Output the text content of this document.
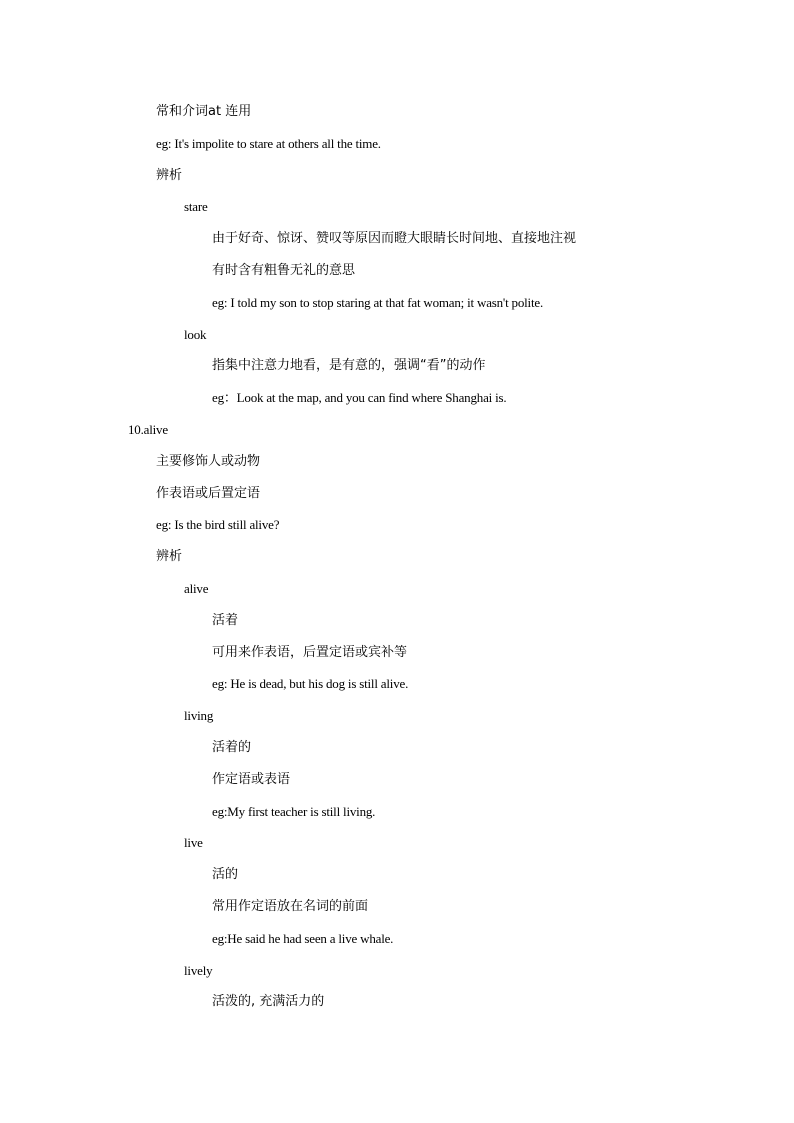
常和介词at 连用
eg: It's impolite to stare at others all the time.
辨析
stare
由于好奇、惊讶、赞叹等原因而瞪大眼睛长时间地、直接地注视
有时含有粗鲁无礼的意思
eg: I told my son to stop staring at that fat woman; it wasn't polite.
look
指集中注意力地看，是有意的，强调“看”的动作
eg：Look at the map, and you can find where Shanghai is.
10.alive
主要修饰人或动物
作表语或后置定语
eg: Is the bird still alive?
辨析
alive
活着
可用来作表语，后置定语或宾补等
eg: He is dead, but his dog is still alive.
living
活着的
作定语或表语
eg:My first teacher is still living.
live
活的
常用作定语放在名词的前面
eg:He said he had seen a live whale.
lively
活泼的, 充满活力的
